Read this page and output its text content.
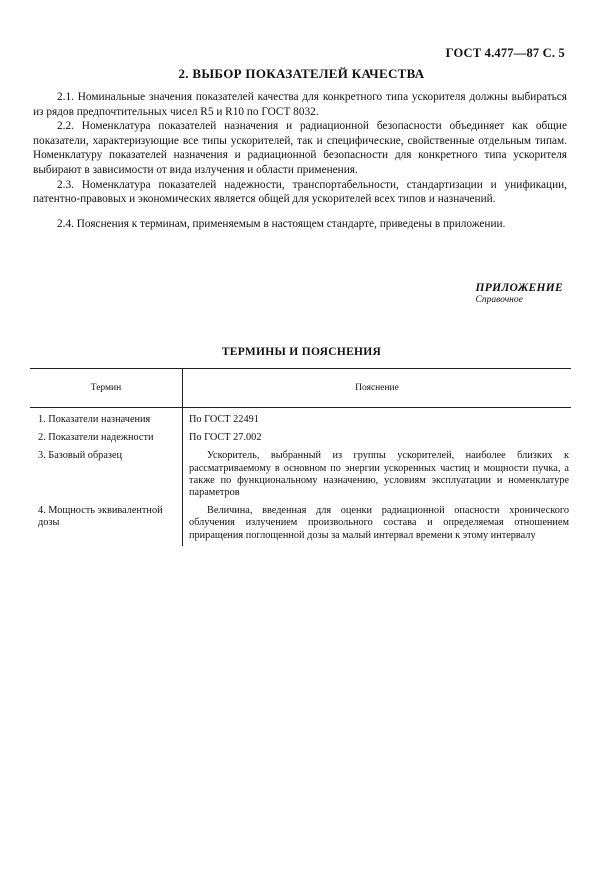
ГОСТ 4.477—87 С. 5
2. ВЫБОР ПОКАЗАТЕЛЕЙ КАЧЕСТВА

2.1. Номинальные значения показателей качества для конкретного типа ускорителя должны выбираться из рядов предпочтительных чисел R5 и R10 по ГОСТ 8032.

2.2. Номенклатура показателей назначения и радиационной безопасности объединяет как общие показатели, характеризующие все типы ускорителей, так и специфические, свойственные отдельным типам. Номенклатуру показателей назначения и радиационной безопасности для конкретного типа ускорителя выбирают в зависимости от вида излучения и области применения.

2.3. Номенклатура показателей надежности, транспортабельности, стандартизации и унификации, патентно-правовых и экономических является общей для ускорителей всех типов и назначений.

2.4. Пояснения к терминам, применяемым в настоящем стандарте, приведены в приложении.

ПРИЛОЖЕНИЕ
Справочное
ТЕРМИНЫ И ПОЯСНЕНИЯ
Термин	Пояснение
1. Показатели назначения	По ГОСТ 22491
2. Показатели надежности	По ГОСТ 27.002
3. Базовый образец	Ускоритель, выбранный из группы ускорителей, наиболее близких к рассматриваемому в основном по энергии ускоренных частиц и мощности пучка, а также по функциональному назначению, условиям эксплуатации и номенклатуре параметров
4. Мощность эквивалентной дозы	Величина, введенная для оценки радиационной опасности хронического облучения излучением произвольного состава и определяемая отношением приращения поглощенной дозы за малый интервал времени к этому интервалу
